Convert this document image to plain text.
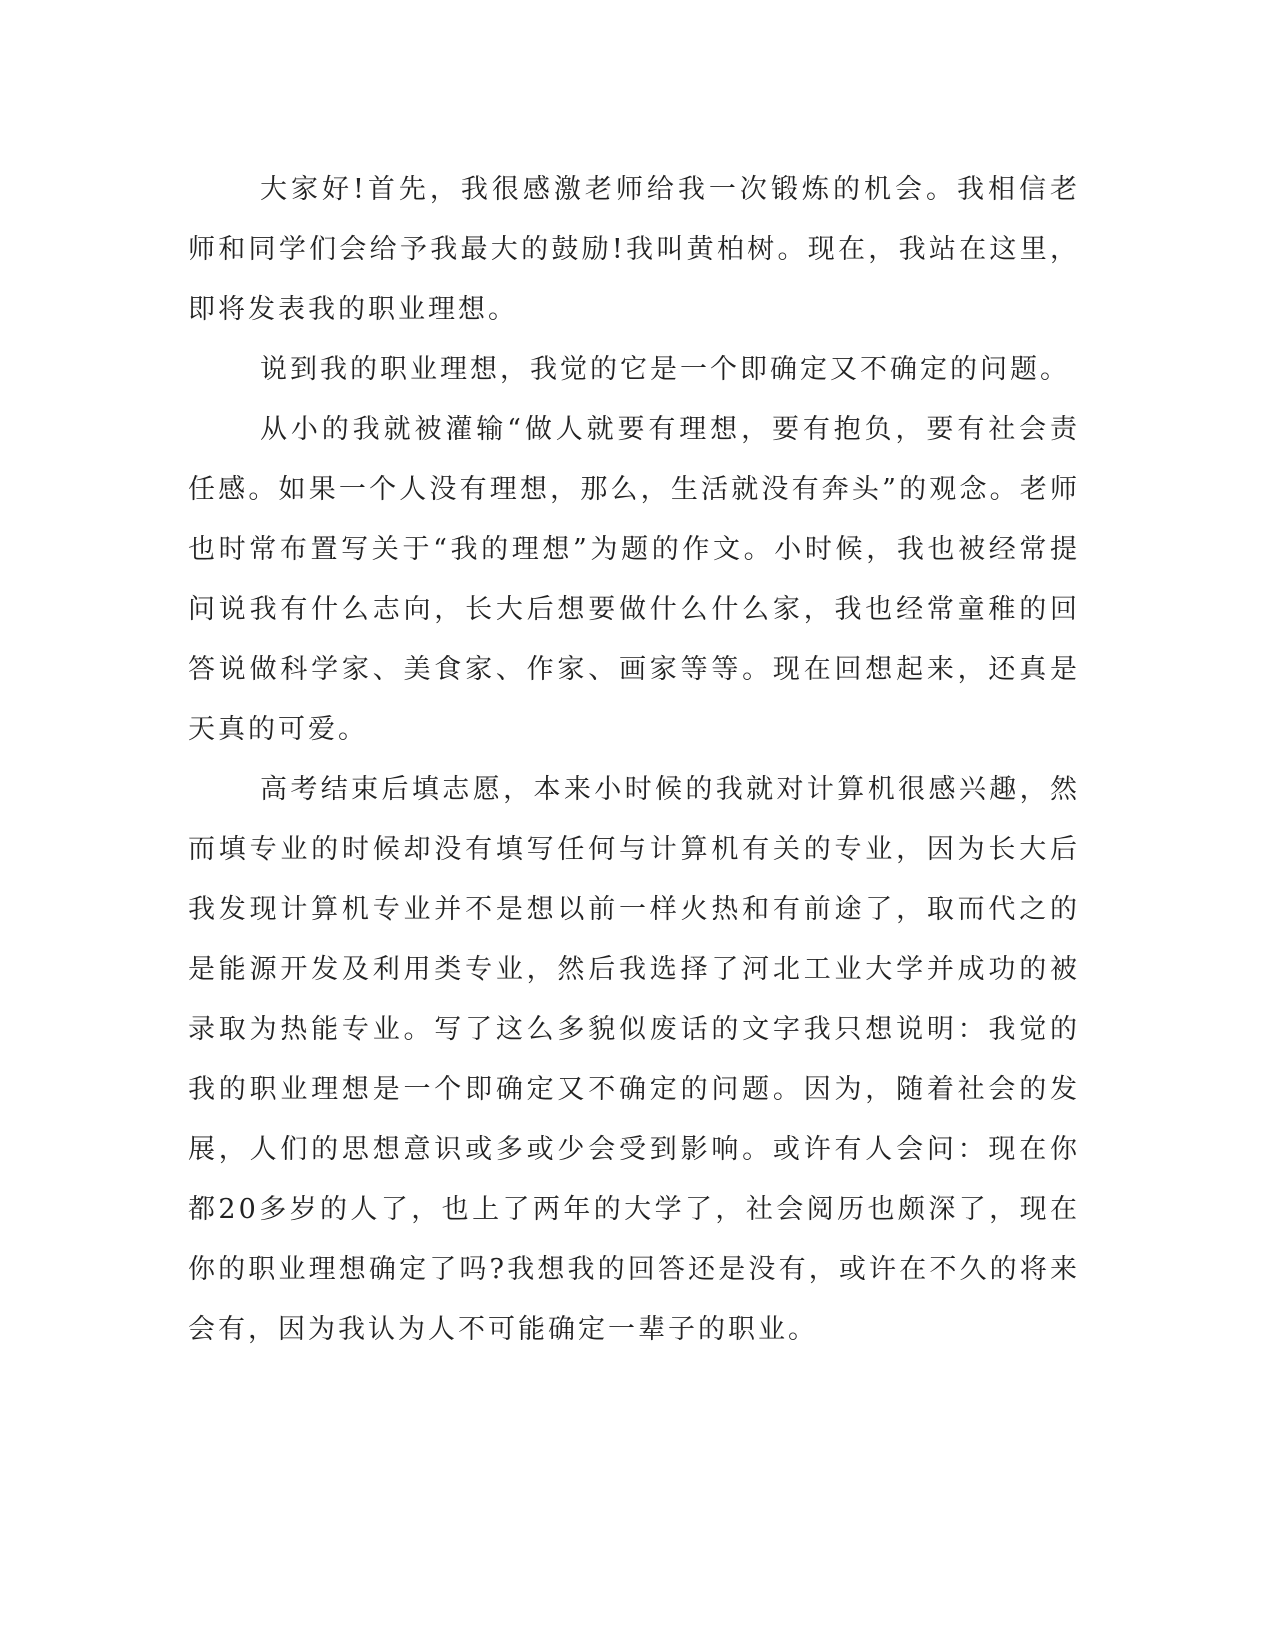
大家好!首先，我很感激老师给我一次锻炼的机会。我相信老师和同学们会给予我最大的鼓励!我叫黄柏树。现在，我站在这里，即将发表我的职业理想。

说到我的职业理想，我觉的它是一个即确定又不确定的问题。

从小的我就被灌输“做人就要有理想，要有抱负，要有社会责任感。如果一个人没有理想，那么，生活就没有奔头”的观念。老师也时常布置写关于“我的理想”为题的作文。小时候，我也被经常提问说我有什么志向，长大后想要做什么什么家，我也经常童稚的回答说做科学家、美食家、作家、画家等等。现在回想起来，还真是天真的可爱。

高考结束后填志愿，本来小时候的我就对计算机很感兴趣，然而填专业的时候却没有填写任何与计算机有关的专业，因为长大后我发现计算机专业并不是想以前一样火热和有前途了，取而代之的是能源开发及利用类专业，然后我选择了河北工业大学并成功的被录取为热能专业。写了这么多貌似废话的文字我只想说明：我觉的我的职业理想是一个即确定又不确定的问题。因为，随着社会的发展，人们的思想意识或多或少会受到影响。或许有人会问：现在你都20多岁的人了，也上了两年的大学了，社会阅历也颇深了，现在你的职业理想确定了吗?我想我的回答还是没有，或许在不久的将来会有，因为我认为人不可能确定一辈子的职业。
